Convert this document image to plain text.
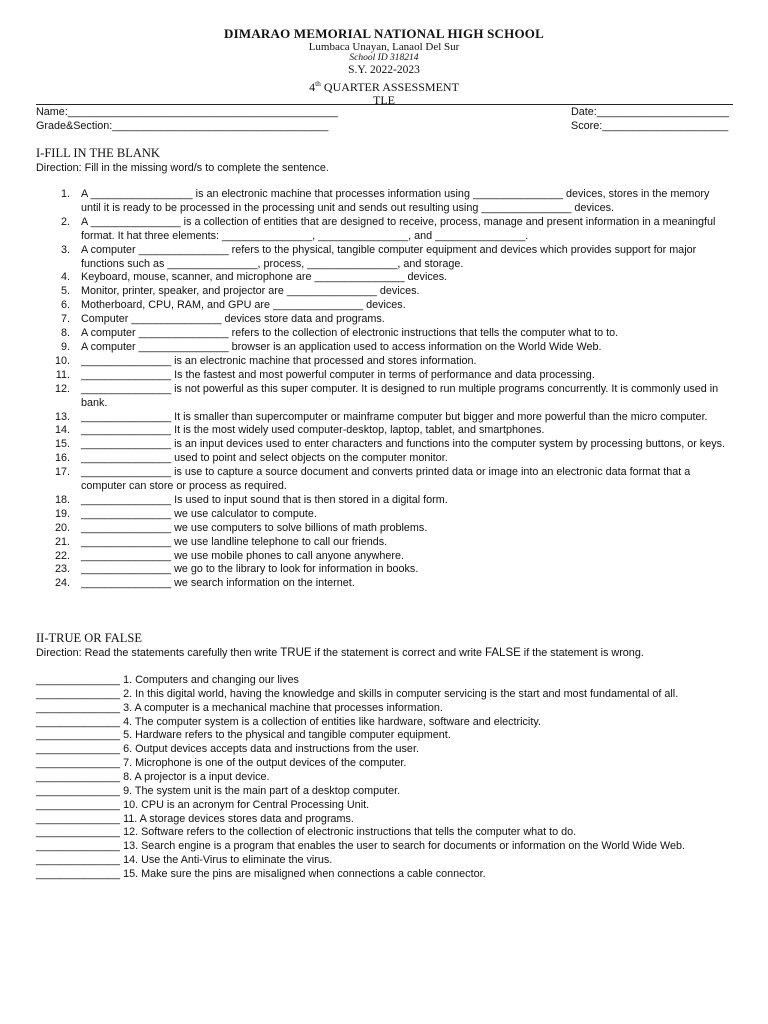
DIMARAO MEMORIAL NATIONAL HIGH SCHOOL
Lumbaca Unayan, Lanaol Del Sur
School ID 318214
S.Y. 2022-2023
4th QUARTER ASSESSMENT
TLE
Name:_____________________________________________
Grade&Section:____________________________________
Date:______________________
Score:_____________________
I-FILL IN THE BLANK
Direction: Fill in the missing word/s to complete the sentence.
1. A _________________ is an electronic machine that processes information using _______________ devices, stores in the memory until it is ready to be processed in the processing unit and sends out resulting using _______________ devices.
2. A _______________ is a collection of entities that are designed to receive, process, manage and present information in a meaningful format. It hat three elements: _______________, _______________, and _______________.
3. A computer _______________ refers to the physical, tangible computer equipment and devices which provides support for major functions such as _______________, process, _______________, and storage.
4. Keyboard, mouse, scanner, and microphone are _______________ devices.
5. Monitor, printer, speaker, and projector are _______________ devices.
6. Motherboard, CPU, RAM, and GPU are _______________ devices.
7. Computer _______________ devices store data and programs.
8. A computer _______________ refers to the collection of electronic instructions that tells the computer what to to.
9. A computer _______________ browser is an application used to access information on the World Wide Web.
10. _______________ is an electronic machine that processed and stores information.
11. _______________ Is the fastest and most powerful computer in terms of performance and data processing.
12. _______________ is not powerful as this super computer. It is designed to run multiple programs concurrently. It is commonly used in bank.
13. _______________ It is smaller than supercomputer or mainframe computer but bigger and more powerful than the micro computer.
14. _______________ It is the most widely used computer-desktop, laptop, tablet, and smartphones.
15. _______________ is an input devices used to enter characters and functions into the computer system by processing buttons, or keys.
16. _______________ used to point and select objects on the computer monitor.
17. _______________ is use to capture a source document and converts printed data or image into an electronic data format that a computer can store or process as required.
18. _______________ Is used to input sound that is then stored in a digital form.
19. _______________ we use calculator to compute.
20. _______________ we use computers to solve billions of math problems.
21. _______________ we use landline telephone to call our friends.
22. _______________ we use mobile phones to call anyone anywhere.
23. _______________ we go to the library to look for information in books.
24. _______________ we search information on the internet.
II-TRUE OR FALSE
Direction: Read the statements carefully then write TRUE if the statement is correct and write FALSE if the statement is wrong.
______________ 1. Computers and changing our lives
______________ 2. In this digital world, having the knowledge and skills in computer servicing is the start and most fundamental of all.
______________ 3. A computer is a mechanical machine that processes information.
______________ 4. The computer system is a collection of entities like hardware, software and electricity.
______________ 5. Hardware refers to the physical and tangible computer equipment.
______________ 6. Output devices accepts data and instructions from the user.
______________ 7. Microphone is one of the output devices of the computer.
______________ 8. A projector is a input device.
______________ 9. The system unit is the main part of a desktop computer.
______________ 10. CPU is an acronym for Central Processing Unit.
______________ 11. A storage devices stores data and programs.
______________ 12. Software refers to the collection of electronic instructions that tells the computer what to do.
______________ 13. Search engine is a program that enables the user to search for documents or information on the World Wide Web.
______________ 14. Use the Anti-Virus to eliminate the virus.
______________ 15. Make sure the pins are misaligned when connections a cable connector.
